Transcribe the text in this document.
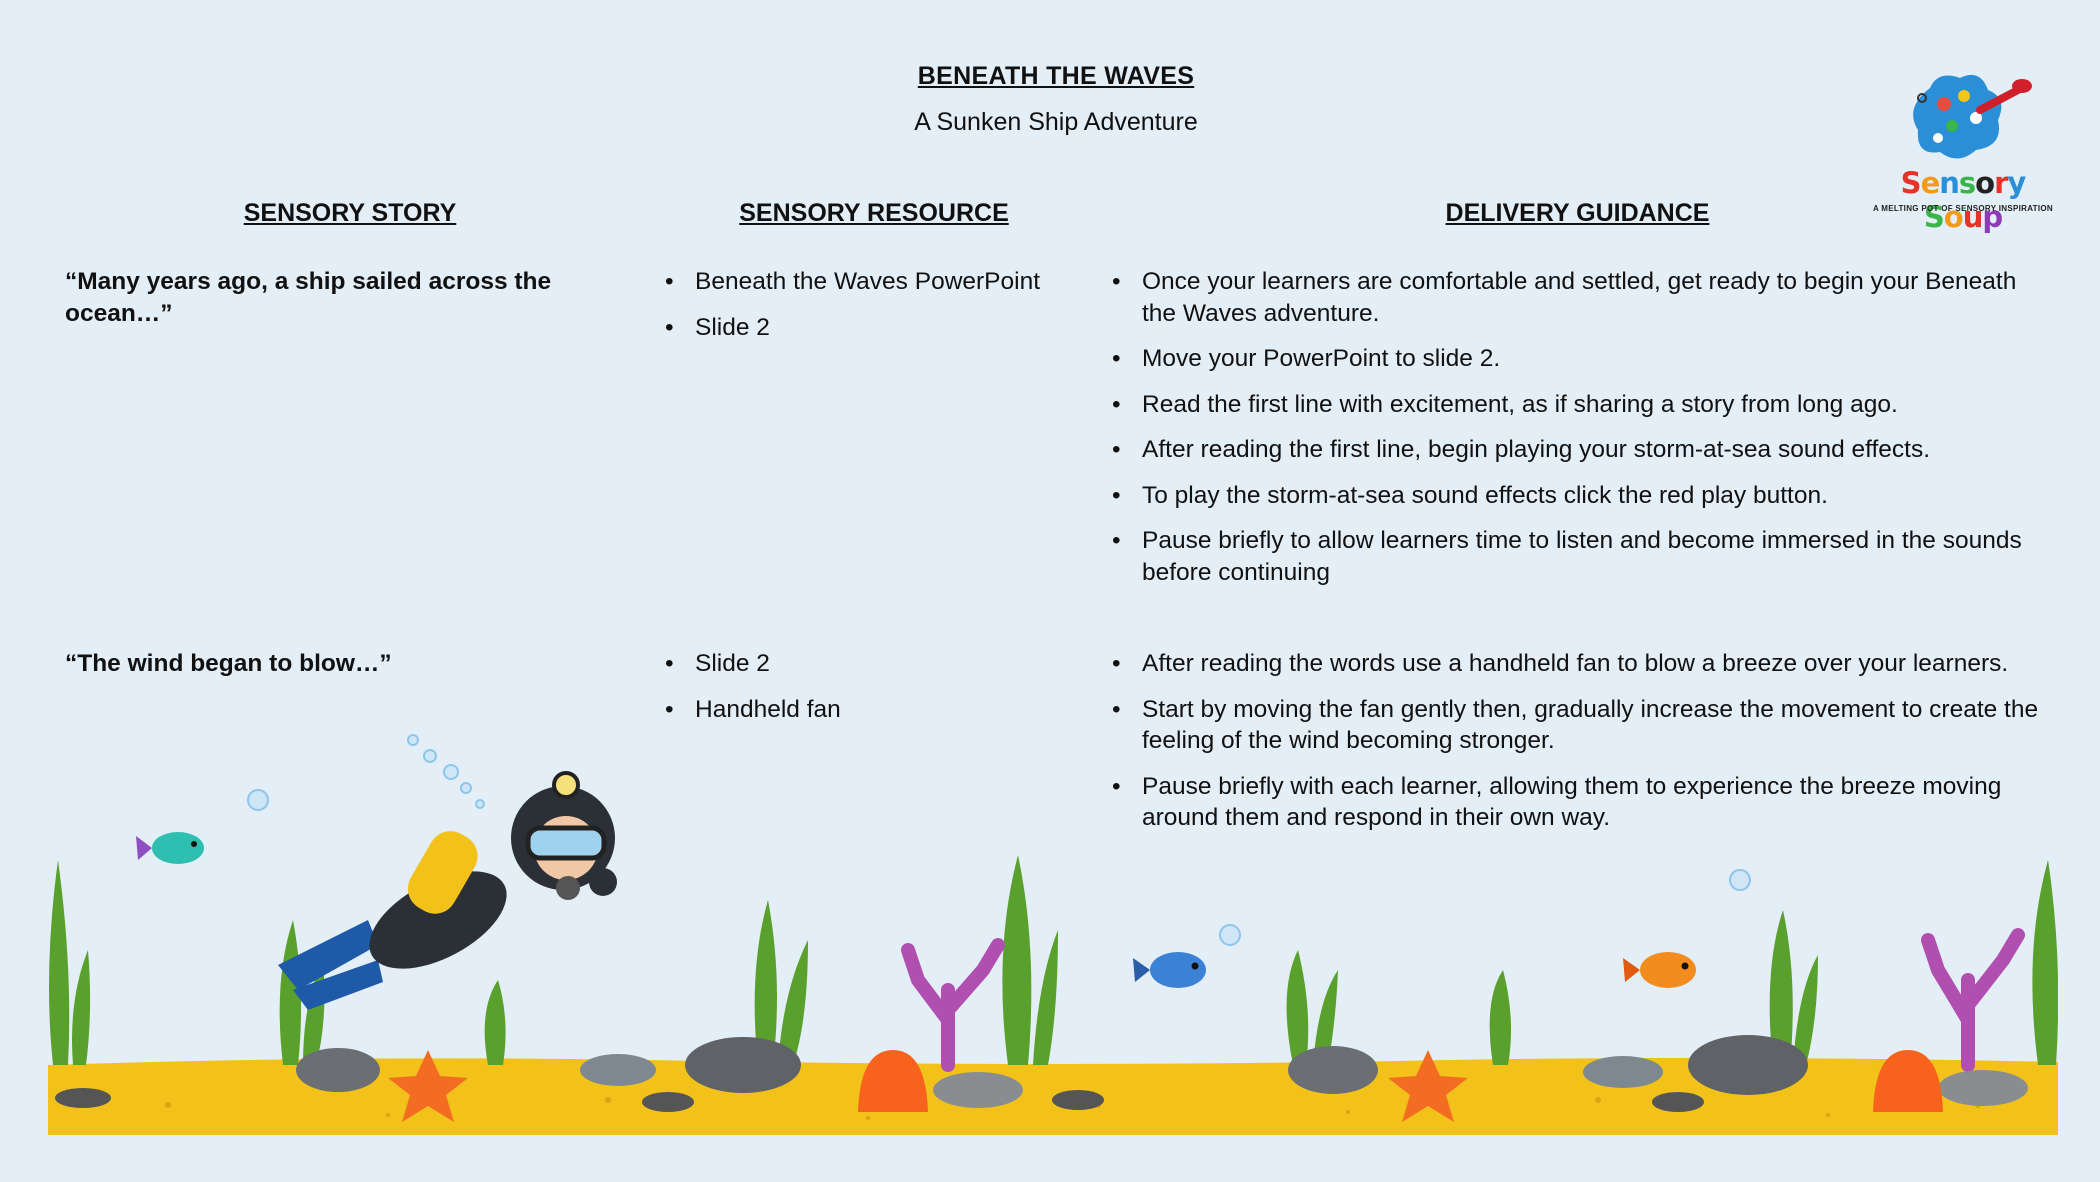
BENEATH THE WAVES
A Sunken Ship Adventure
Sensory Soup
A MELTING POT OF SENSORY INSPIRATION
SENSORY STORY	SENSORY RESOURCE	DELIVERY GUIDANCE
“Many years ago, a ship sailed across the ocean…”
• Beneath the Waves PowerPoint
• Slide 2
• Once your learners are comfortable and settled, get ready to begin your Beneath the Waves adventure.
• Move your PowerPoint to slide 2.
• Read the first line with excitement, as if sharing a story from long ago.
• After reading the first line, begin playing your storm-at-sea sound effects.
• To play the storm-at-sea sound effects click the red play button.
• Pause briefly to allow learners time to listen and become immersed in the sounds before continuing
“The wind began to blow…”
•	Slide 2
• Handheld fan
• After reading the words use a handheld fan to blow a breeze over your learners.
• Start by moving the fan gently then, gradually increase the movement to create the feeling of the wind becoming stronger.
• Pause briefly with each learner, allowing them to experience the breeze moving around them and respond in their own way.
